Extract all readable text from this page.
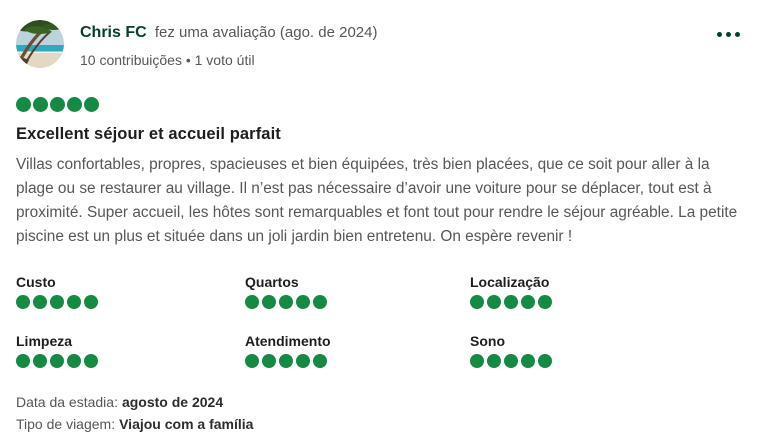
Chris FC fez uma avaliação (ago. de 2024)
10 contribuições • 1 voto útil
Excellent séjour et accueil parfait
Villas confortables, propres, spacieuses et bien équipées, très bien placées, que ce soit pour aller à la plage ou se restaurer au village. Il n’est pas nécessaire d’avoir une voiture pour se déplacer, tout est à proximité. Super accueil, les hôtes sont remarquables et font tout pour rendre le séjour agréable. La petite piscine est un plus et située dans un joli jardin bien entretenu. On espère revenir !
Custo	Quartos	Localização
Limpeza	Atendimento	Sono
Data da estadia: agosto de 2024
Tipo de viagem: Viajou com a família
